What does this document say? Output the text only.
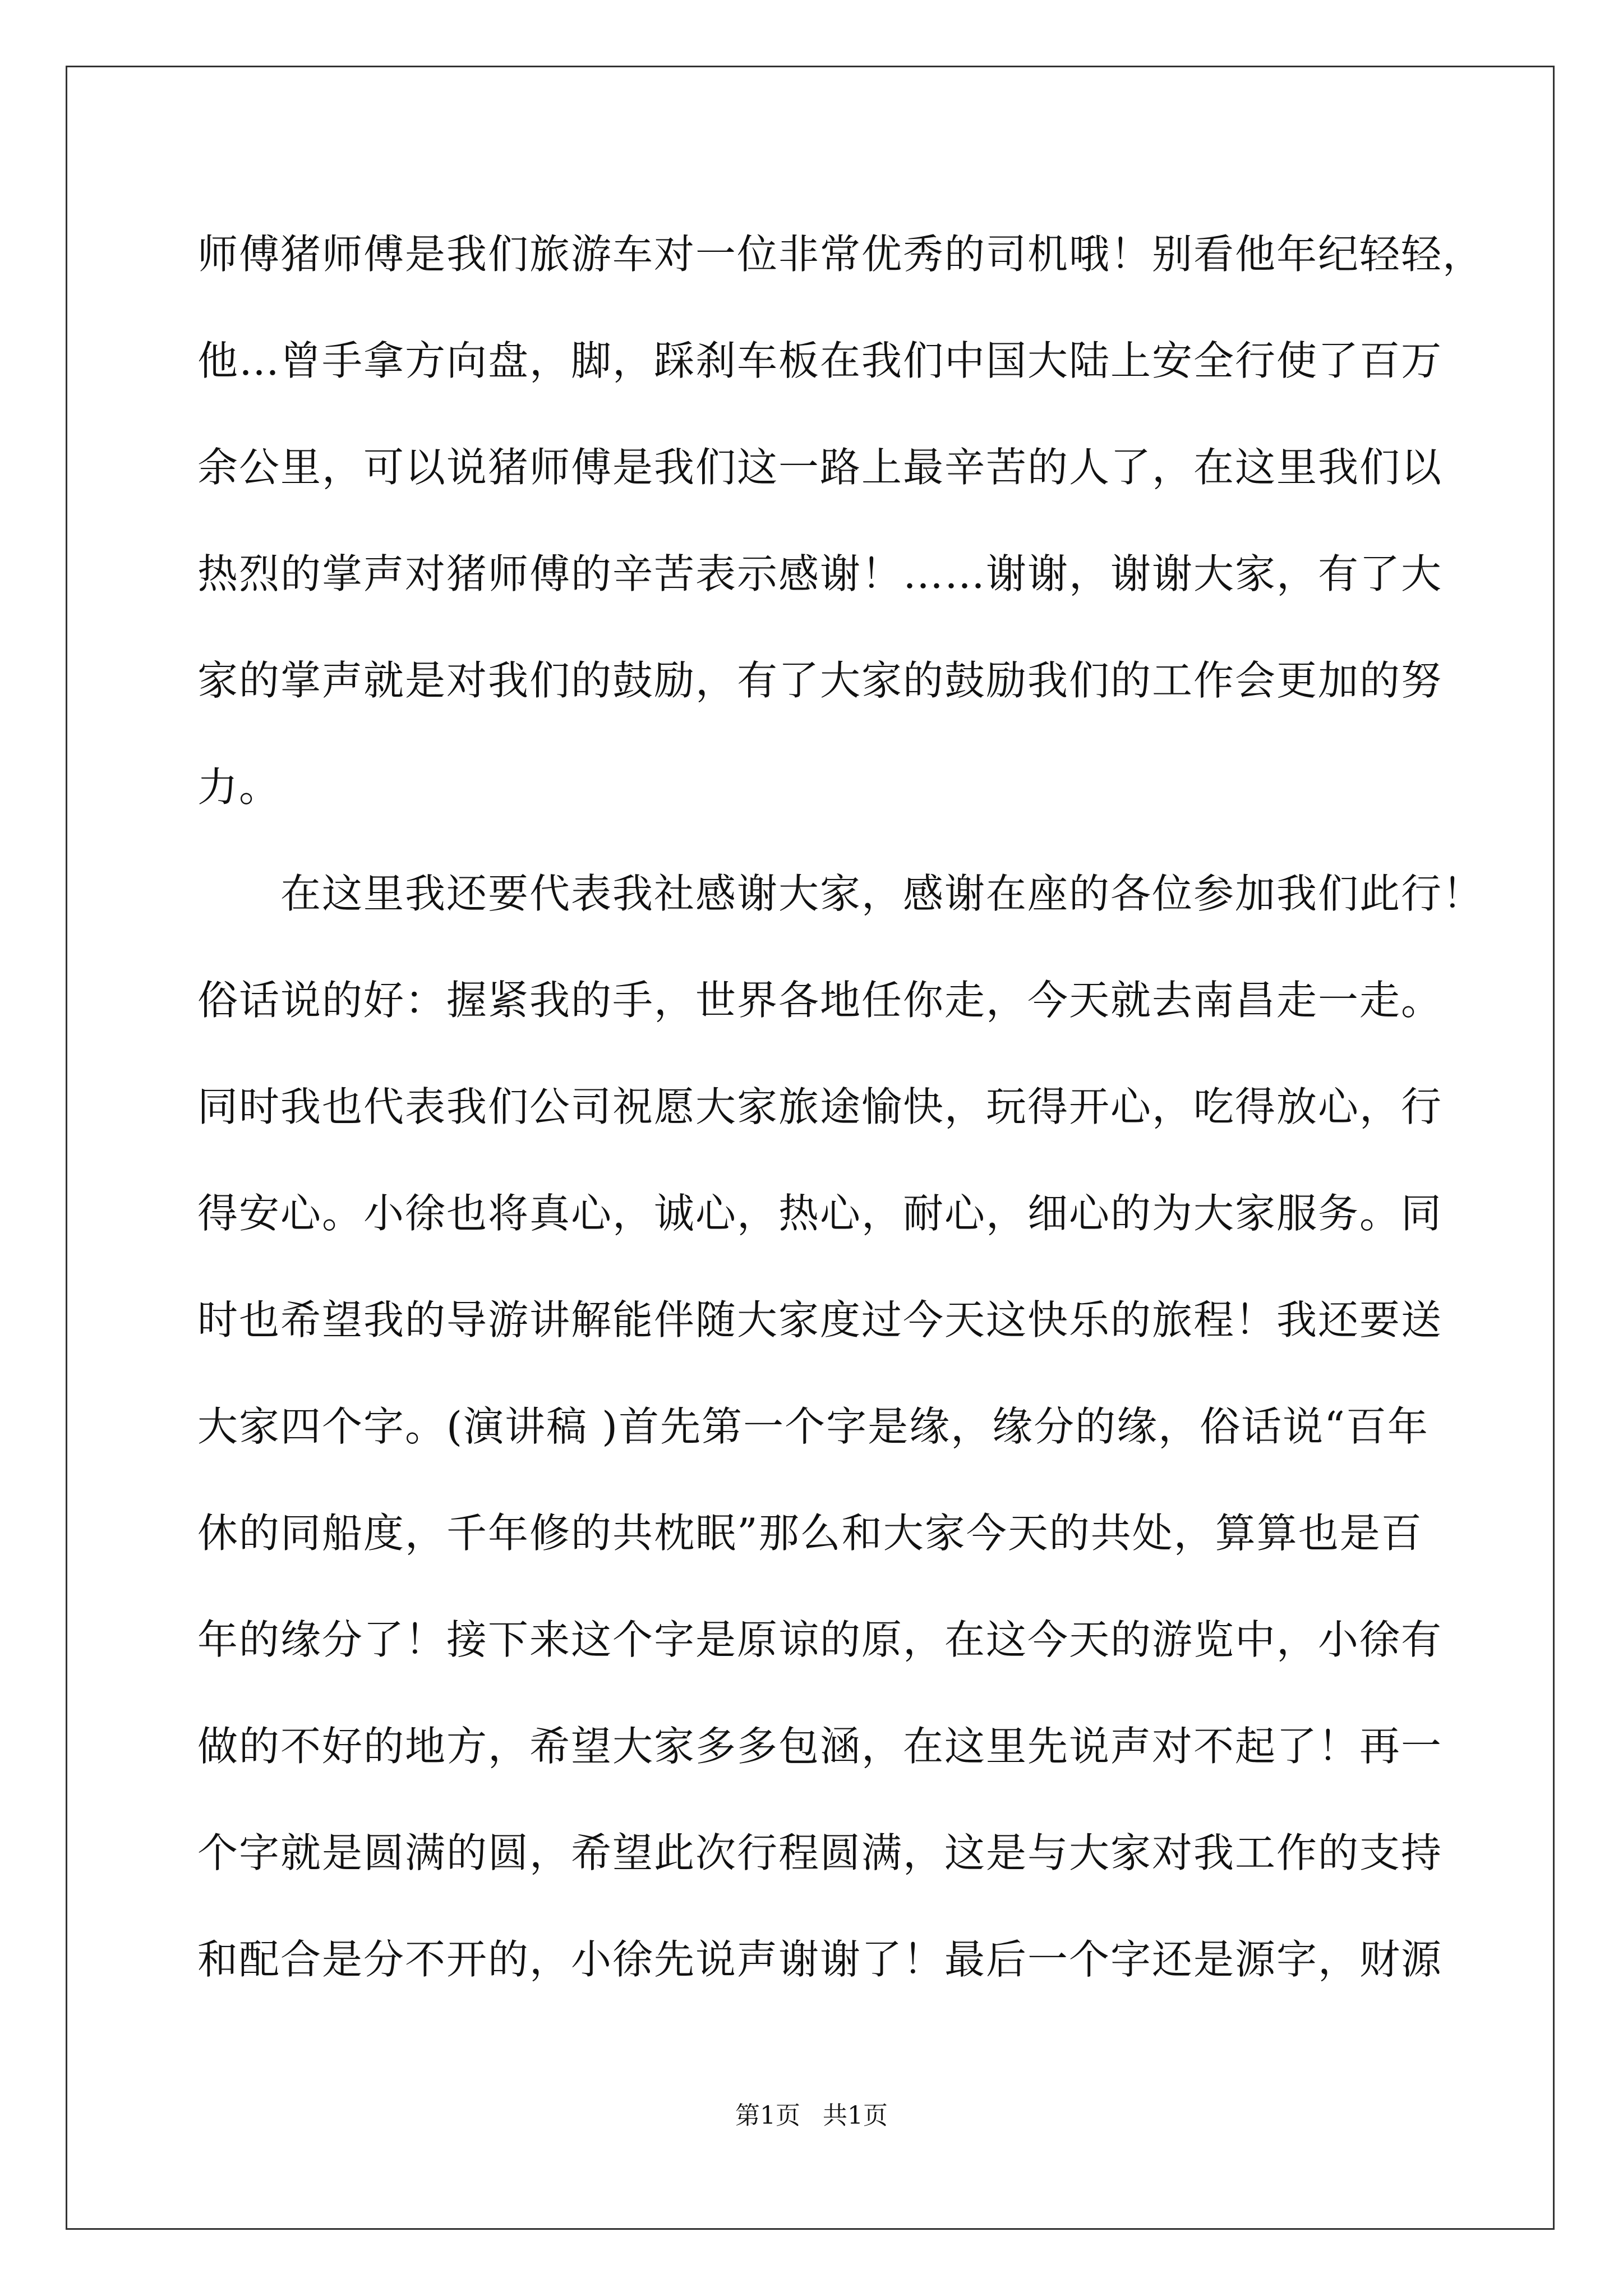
师傅猪师傅是我们旅游车对一位非常优秀的司机哦！别看他年纪轻轻，
他…曾手拿方向盘，脚，踩刹车板在我们中国大陆上安全行使了百万
余公里，可以说猪师傅是我们这一路上最辛苦的人了，在这里我们以
热烈的掌声对猪师傅的辛苦表示感谢！……谢谢，谢谢大家，有了大
家的掌声就是对我们的鼓励，有了大家的鼓励我们的工作会更加的努
力。
　　在这里我还要代表我社感谢大家，感谢在座的各位参加我们此行！
俗话说的好：握紧我的手，世界各地任你走，今天就去南昌走一走。
同时我也代表我们公司祝愿大家旅途愉快，玩得开心，吃得放心，行
得安心。小徐也将真心，诚心，热心，耐心，细心的为大家服务。同
时也希望我的导游讲解能伴随大家度过今天这快乐的旅程！我还要送
大家四个字。(演讲稿 )首先第一个字是缘，缘分的缘，俗话说“百年
休的同船度，千年修的共枕眠”那么和大家今天的共处，算算也是百
年的缘分了！接下来这个字是原谅的原，在这今天的游览中，小徐有
做的不好的地方，希望大家多多包涵，在这里先说声对不起了！再一
个字就是圆满的圆，希望此次行程圆满，这是与大家对我工作的支持
和配合是分不开的，小徐先说声谢谢了！最后一个字还是源字，财源
第1页 共1页
